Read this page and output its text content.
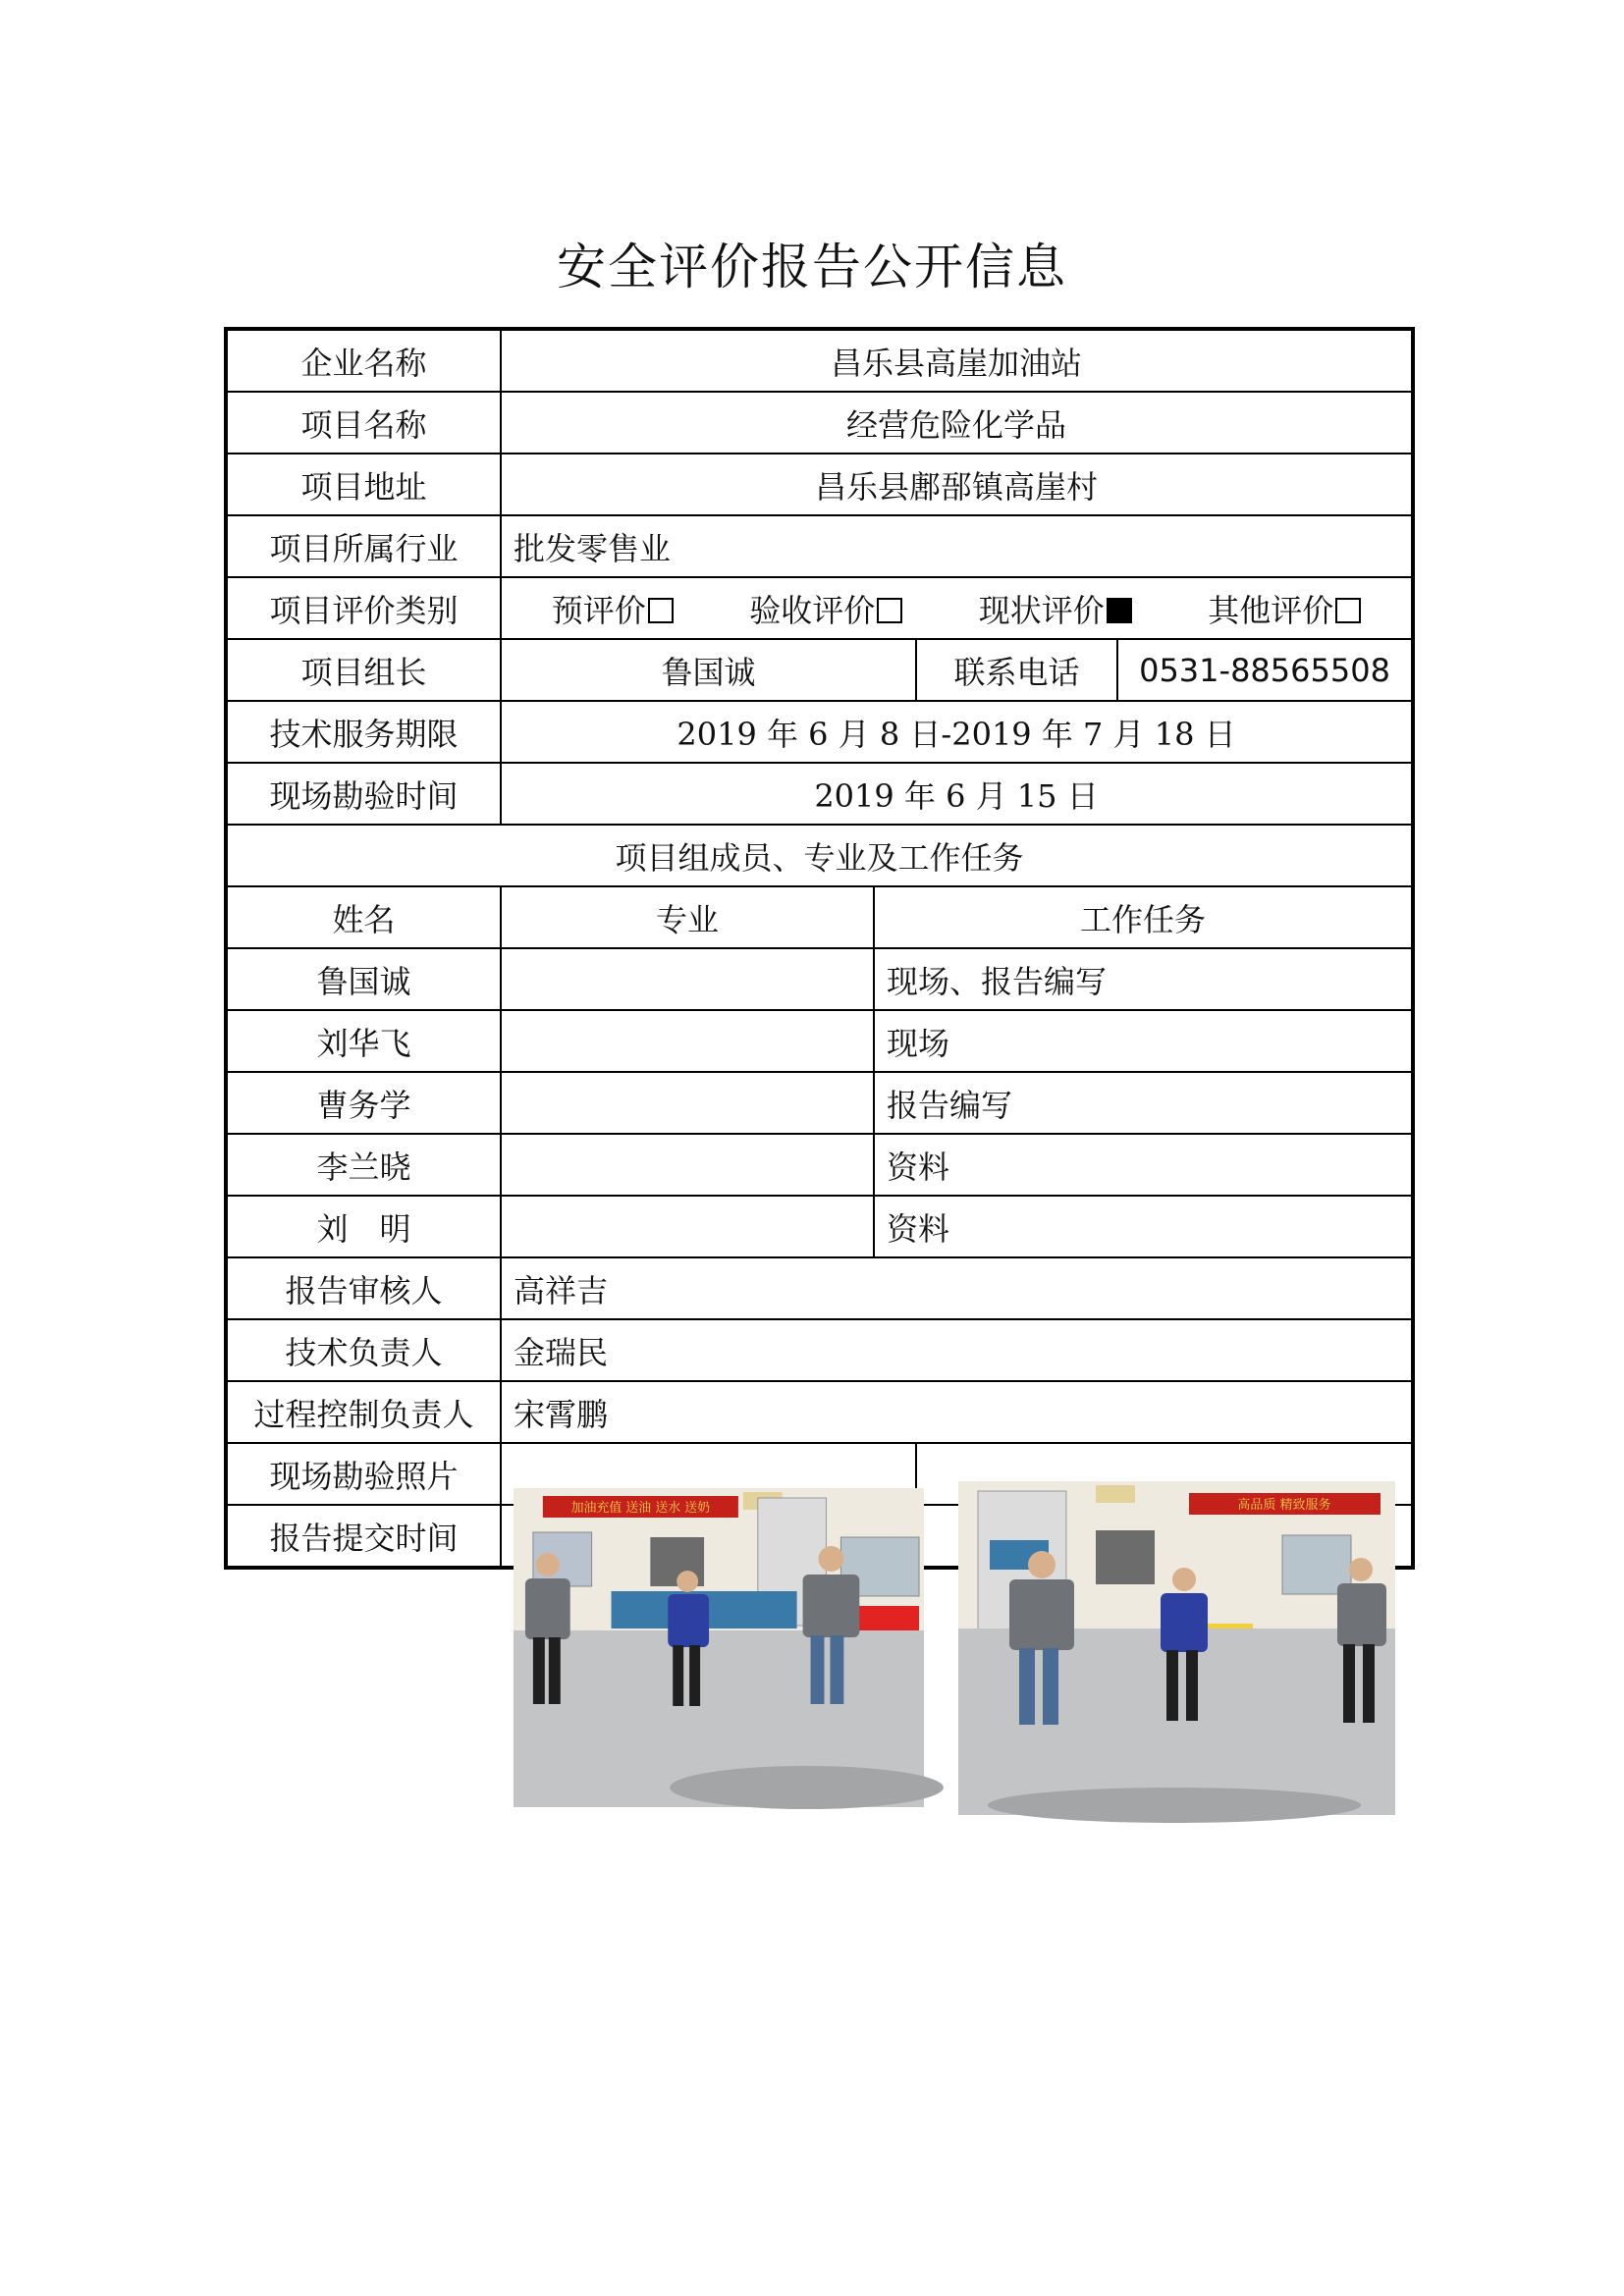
安全评价报告公开信息
企业名称	昌乐县高崖加油站			
项目名称	经营危险化学品			
项目地址	昌乐县鄌郚镇高崖村			
项目所属行业	批发零售业			
项目评价类别	预评价 验收评价 现状评价 其他评价			

项目组长	鲁国诚		联系电话	0531-88565508
技术服务期限	2019 年 6 月 8 日-2019 年 7 月 18 日			
现场勘验时间	2019 年 6 月 15 日			
项目组成员、专业及工作任务				
姓名	专业	工作任务		
鲁国诚		现场、报告编写		
刘华飞		现场		
曹务学		报告编写		
李兰晓		资料		
刘　明		资料		
报告审核人	高祥吉			
技术负责人	金瑞民			
过程控制负责人	宋霄鹏			
现场勘验照片	加油充值 送油 送水 送奶		高品质 精致服务	

报告提交时间	
